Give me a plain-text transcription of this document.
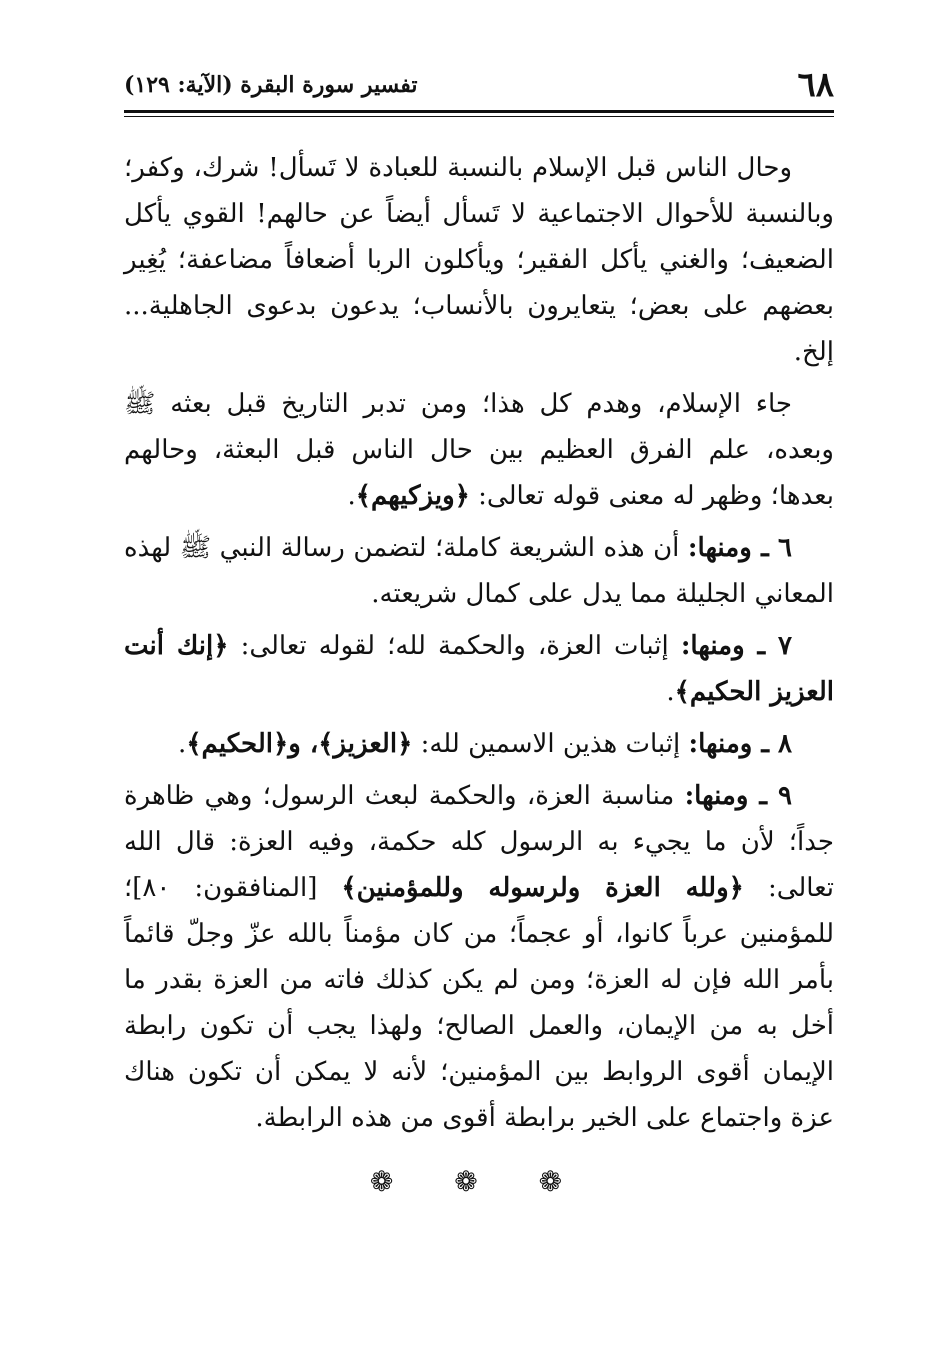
٦٨
تفسير سورة البقرة (الآية: ١٢٩)

وحال الناس قبل الإسلام بالنسبة للعبادة لا تَسأل! شرك، وكفر؛ وبالنسبة للأحوال الاجتماعية لا تَسأل أيضاً عن حالهم! القوي يأكل الضعيف؛ والغني يأكل الفقير؛ ويأكلون الربا أضعافاً مضاعفة؛ يُغِير بعضهم على بعض؛ يتعايرون بالأنساب؛ يدعون بدعوى الجاهلية... إلخ.

جاء الإسلام، وهدم كل هذا؛ ومن تدبر التاريخ قبل بعثه ﷺ وبعده، علم الفرق العظيم بين حال الناس قبل البعثة، وحالهم بعدها؛ وظهر له معنى قوله تعالى: ﴿ويزكيهم﴾.

٦ ـ ومنها: أن هذه الشريعة كاملة؛ لتضمن رسالة النبي ﷺ لهذه المعاني الجليلة مما يدل على كمال شريعته.

٧ ـ ومنها: إثبات العزة، والحكمة لله؛ لقوله تعالى: ﴿إنك أنت العزيز الحكيم﴾.

٨ ـ ومنها: إثبات هذين الاسمين لله: ﴿العزيز﴾، و﴿الحكيم﴾.

٩ ـ ومنها: مناسبة العزة، والحكمة لبعث الرسول؛ وهي ظاهرة جداً؛ لأن ما يجيء به الرسول كله حكمة، وفيه العزة: قال الله تعالى: ﴿ولله العزة ولرسوله وللمؤمنين﴾ [المنافقون: ٨٠]؛ للمؤمنين عرباً كانوا، أو عجماً؛ من كان مؤمناً بالله عزّ وجلّ قائماً بأمر الله فإن له العزة؛ ومن لم يكن كذلك فاته من العزة بقدر ما أخل به من الإيمان، والعمل الصالح؛ ولهذا يجب أن تكون رابطة الإيمان أقوى الروابط بين المؤمنين؛ لأنه لا يمكن أن تكون هناك عزة واجتماع على الخير برابطة أقوى من هذه الرابطة.

❁ ❁ ❁
